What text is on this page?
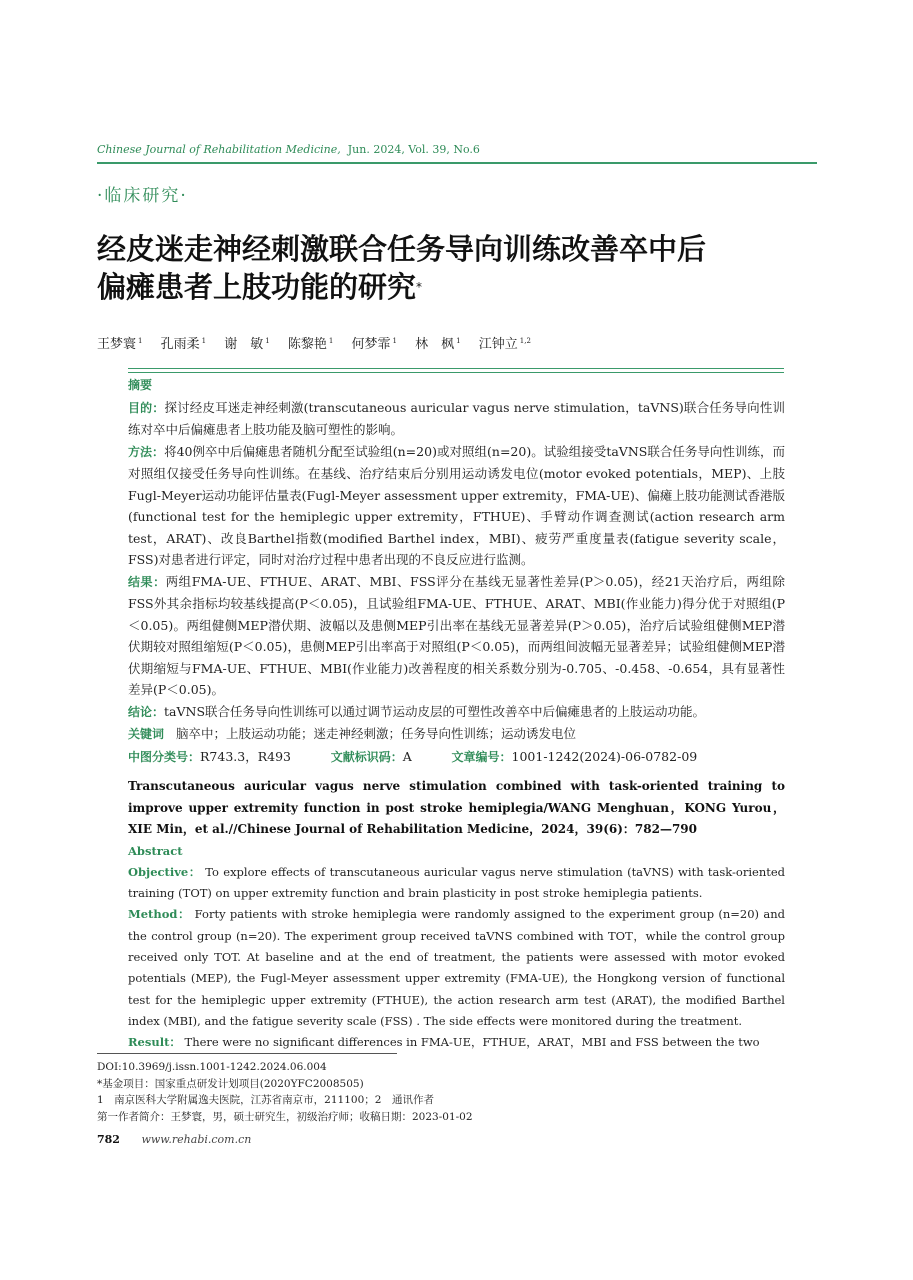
Chinese Journal of Rehabilitation Medicine, Jun. 2024, Vol. 39, No.6
·临床研究·
经皮迷走神经刺激联合任务导向训练改善卒中后
偏瘫患者上肢功能的研究*
王梦寰 $^1$ 孔雨柔 $^1$ 谢　敏 $^1$ 陈黎艳 $^1$ 何梦霏 $^1$ 林　枫 $^1$ 江钟立 $^{1,2}$

摘要

目的：探讨经皮耳迷走神经刺激(transcutaneous auricular vagus nerve stimulation，taVNS)联合任务导向性训练对卒中后偏瘫患者上肢功能及脑可塑性的影响。

方法：将40例卒中后偏瘫患者随机分配至试验组(n=20)或对照组(n=20)。试验组接受taVNS联合任务导向性训练，而对照组仅接受任务导向性训练。在基线、治疗结束后分别用运动诱发电位(motor evoked potentials，MEP)、上肢Fugl-Meyer运动功能评估量表(Fugl-Meyer assessment upper extremity，FMA-UE)、偏瘫上肢功能测试香港版(functional test for the hemiplegic upper extremity，FTHUE)、手臂动作调查测试(action research arm test，ARAT)、改良Barthel指数(modified Barthel index，MBI)、疲劳严重度量表(fatigue severity scale，FSS)对患者进行评定，同时对治疗过程中患者出现的不良反应进行监测。

结果：两组FMA-UE、FTHUE、ARAT、MBI、FSS评分在基线无显著性差异(P＞0.05)，经21天治疗后，两组除FSS外其余指标均较基线提高(P＜0.05)，且试验组FMA-UE、FTHUE、ARAT、MBI(作业能力)得分优于对照组(P＜0.05)。两组健侧MEP潜伏期、波幅以及患侧MEP引出率在基线无显著差异(P＞0.05)，治疗后试验组健侧MEP潜伏期较对照组缩短(P＜0.05)，患侧MEP引出率高于对照组(P＜0.05)，而两组间波幅无显著差异；试验组健侧MEP潜伏期缩短与FMA-UE、FTHUE、MBI(作业能力)改善程度的相关系数分别为-0.705、-0.458、-0.654，具有显著性差异(P＜0.05)。

结论：taVNS联合任务导向性训练可以通过调节运动皮层的可塑性改善卒中后偏瘫患者的上肢运动功能。

关键词 脑卒中；上肢运动功能；迷走神经刺激；任务导向性训练；运动诱发电位

中图分类号：R743.3，R493	文献标识码：A	文章编号：1001-1242(2024)-06-0782-09

Transcutaneous auricular vagus nerve stimulation combined with task-oriented training to improve upper extremity function in post stroke hemiplegia/WANG Menghuan，KONG Yurou，XIE Min，et al.//Chinese Journal of Rehabilitation Medicine，2024，39(6)：782—790

Abstract

Objective： To explore effects of transcutaneous auricular vagus nerve stimulation (taVNS) with task-oriented training (TOT) on upper extremity function and brain plasticity in post stroke hemiplegia patients.

Method： Forty patients with stroke hemiplegia were randomly assigned to the experiment group (n=20) and the control group (n=20). The experiment group received taVNS combined with TOT，while the control group received only TOT. At baseline and at the end of treatment, the patients were assessed with motor evoked potentials (MEP), the Fugl-Meyer assessment upper extremity (FMA-UE), the Hongkong version of functional test for the hemiplegic upper extremity (FTHUE), the action research arm test (ARAT), the modified Barthel index (MBI), and the fatigue severity scale (FSS) . The side effects were monitored during the treatment.

Result： There were no significant differences in FMA-UE，FTHUE，ARAT，MBI and FSS between the two

DOI:10.3969/j.issn.1001-1242.2024.06.004

*基金项目：国家重点研发计划项目(2020YFC2008505)

1　南京医科大学附属逸夫医院，江苏省南京市，211100；2　通讯作者

第一作者简介：王梦寰，男，硕士研究生，初级治疗师；收稿日期：2023-01-02

782 www.rehabi.com.cn
